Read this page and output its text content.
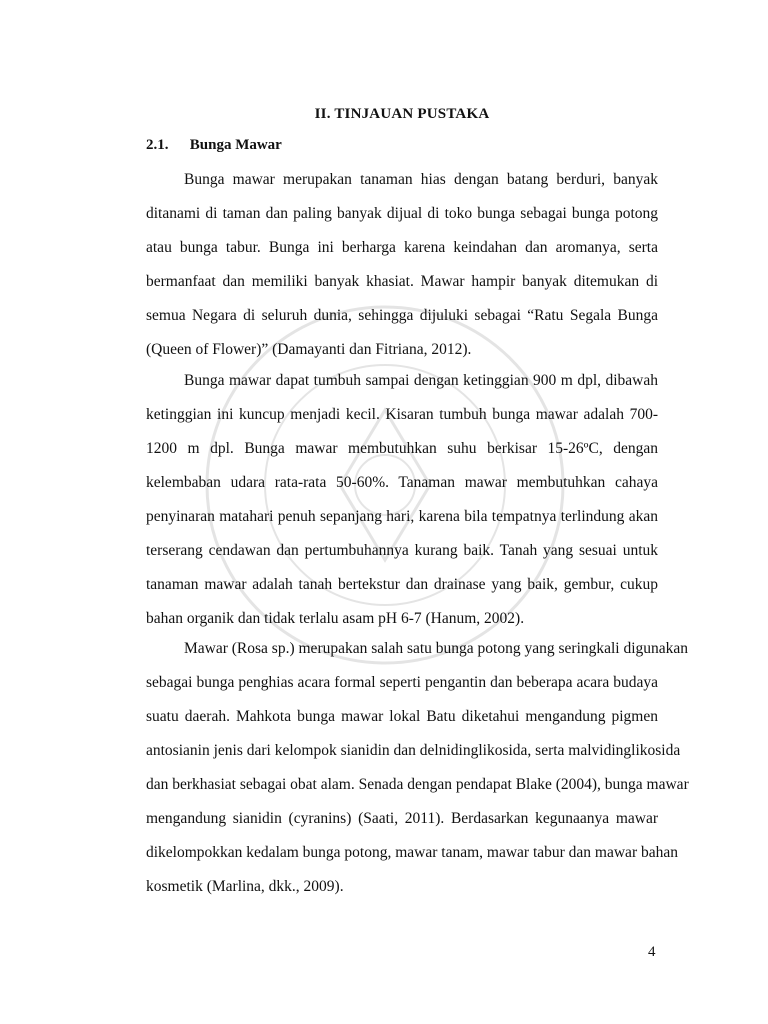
II. TINJAUAN PUSTAKA
2.1. Bunga Mawar
Bunga mawar merupakan tanaman hias dengan batang berduri, banyak
ditanami di taman dan paling banyak dijual di toko bunga sebagai bunga potong
atau bunga tabur. Bunga ini berharga karena keindahan dan aromanya, serta
bermanfaat dan memiliki banyak khasiat. Mawar hampir banyak ditemukan di
semua Negara di seluruh dunia, sehingga dijuluki sebagai “Ratu Segala Bunga
(Queen of Flower)” (Damayanti dan Fitriana, 2012).
Bunga mawar dapat tumbuh sampai dengan ketinggian 900 m dpl, dibawah
ketinggian ini kuncup menjadi kecil. Kisaran tumbuh bunga mawar adalah 700-
1200 m dpl. Bunga mawar membutuhkan suhu berkisar 15-26ºC, dengan
kelembaban udara rata-rata 50-60%. Tanaman mawar membutuhkan cahaya
penyinaran matahari penuh sepanjang hari, karena bila tempatnya terlindung akan
terserang cendawan dan pertumbuhannya kurang baik. Tanah yang sesuai untuk
tanaman mawar adalah tanah bertekstur dan drainase yang baik, gembur, cukup
bahan organik dan tidak terlalu asam pH 6-7 (Hanum, 2002).
Mawar (Rosa sp.) merupakan salah satu bunga potong yang seringkali digunakan
sebagai bunga penghias acara formal seperti pengantin dan beberapa acara budaya
suatu daerah. Mahkota bunga mawar lokal Batu diketahui mengandung pigmen
antosianin jenis dari kelompok sianidin dan delnidinglikosida, serta malvidinglikosida
dan berkhasiat sebagai obat alam. Senada dengan pendapat Blake (2004), bunga mawar
mengandung sianidin (cyranins) (Saati, 2011). Berdasarkan kegunaanya mawar
dikelompokkan kedalam bunga potong, mawar tanam, mawar tabur dan mawar bahan
kosmetik (Marlina, dkk., 2009).
4
